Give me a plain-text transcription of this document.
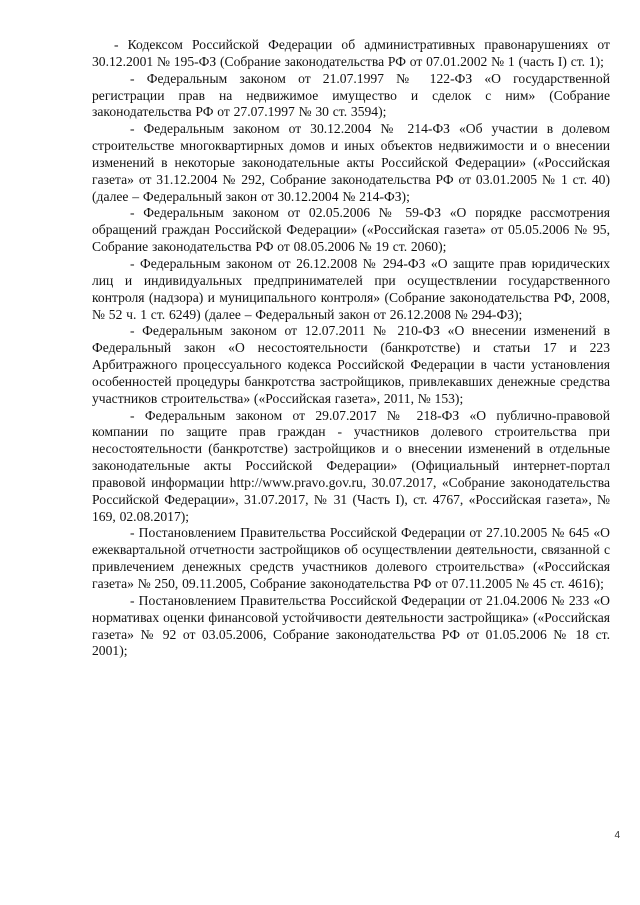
- Кодексом Российской Федерации об административных правонарушениях от 30.12.2001 № 195-ФЗ (Собрание законодательства РФ от 07.01.2002 № 1 (часть I) ст. 1);

- Федеральным законом от 21.07.1997 № 122-ФЗ «О государственной регистрации прав на недвижимое имущество и сделок с ним» (Собрание законодательства РФ от 27.07.1997 № 30 ст. 3594);

- Федеральным законом от 30.12.2004 № 214-ФЗ «Об участии в долевом строительстве многоквартирных домов и иных объектов недвижимости и о внесении изменений в некоторые законодательные акты Российской Федерации» («Российская газета» от 31.12.2004 № 292, Собрание законодательства РФ от 03.01.2005 № 1 ст. 40) (далее – Федеральный закон от 30.12.2004 № 214-ФЗ);

- Федеральным законом от 02.05.2006 № 59-ФЗ «О порядке рассмотрения обращений граждан Российской Федерации» («Российская газета» от 05.05.2006 № 95, Собрание законодательства РФ от 08.05.2006 № 19 ст. 2060);

- Федеральным законом от 26.12.2008 № 294-ФЗ «О защите прав юридических лиц и индивидуальных предпринимателей при осуществлении государственного контроля (надзора) и муниципального контроля» (Собрание законодательства РФ, 2008, № 52 ч. 1 ст. 6249) (далее – Федеральный закон от 26.12.2008 № 294-ФЗ);

- Федеральным законом от 12.07.2011 № 210-ФЗ «О внесении изменений в Федеральный закон «О несостоятельности (банкротстве) и статьи 17 и 223 Арбитражного процессуального кодекса Российской Федерации в части установления особенностей процедуры банкротства застройщиков, привлекавших денежные средства участников строительства» («Российская газета», 2011, № 153);

- Федеральным законом от 29.07.2017 № 218-ФЗ «О публично-правовой компании по защите прав граждан - участников долевого строительства при несостоятельности (банкротстве) застройщиков и о внесении изменений в отдельные законодательные акты Российской Федерации» (Официальный интернет-портал правовой информации http://www.pravo.gov.ru, 30.07.2017, «Собрание законодательства Российской Федерации», 31.07.2017, № 31 (Часть I), ст. 4767, «Российская газета», № 169, 02.08.2017);

- Постановлением Правительства Российской Федерации от 27.10.2005 № 645 «О ежеквартальной отчетности застройщиков об осуществлении деятельности, связанной с привлечением денежных средств участников долевого строительства» («Российская газета» № 250, 09.11.2005, Собрание законодательства РФ от 07.11.2005 № 45 ст. 4616);

- Постановлением Правительства Российской Федерации от 21.04.2006 № 233 «О нормативах оценки финансовой устойчивости деятельности застройщика» («Российская газета» № 92 от 03.05.2006, Собрание законодательства РФ от 01.05.2006 № 18 ст. 2001);

4
